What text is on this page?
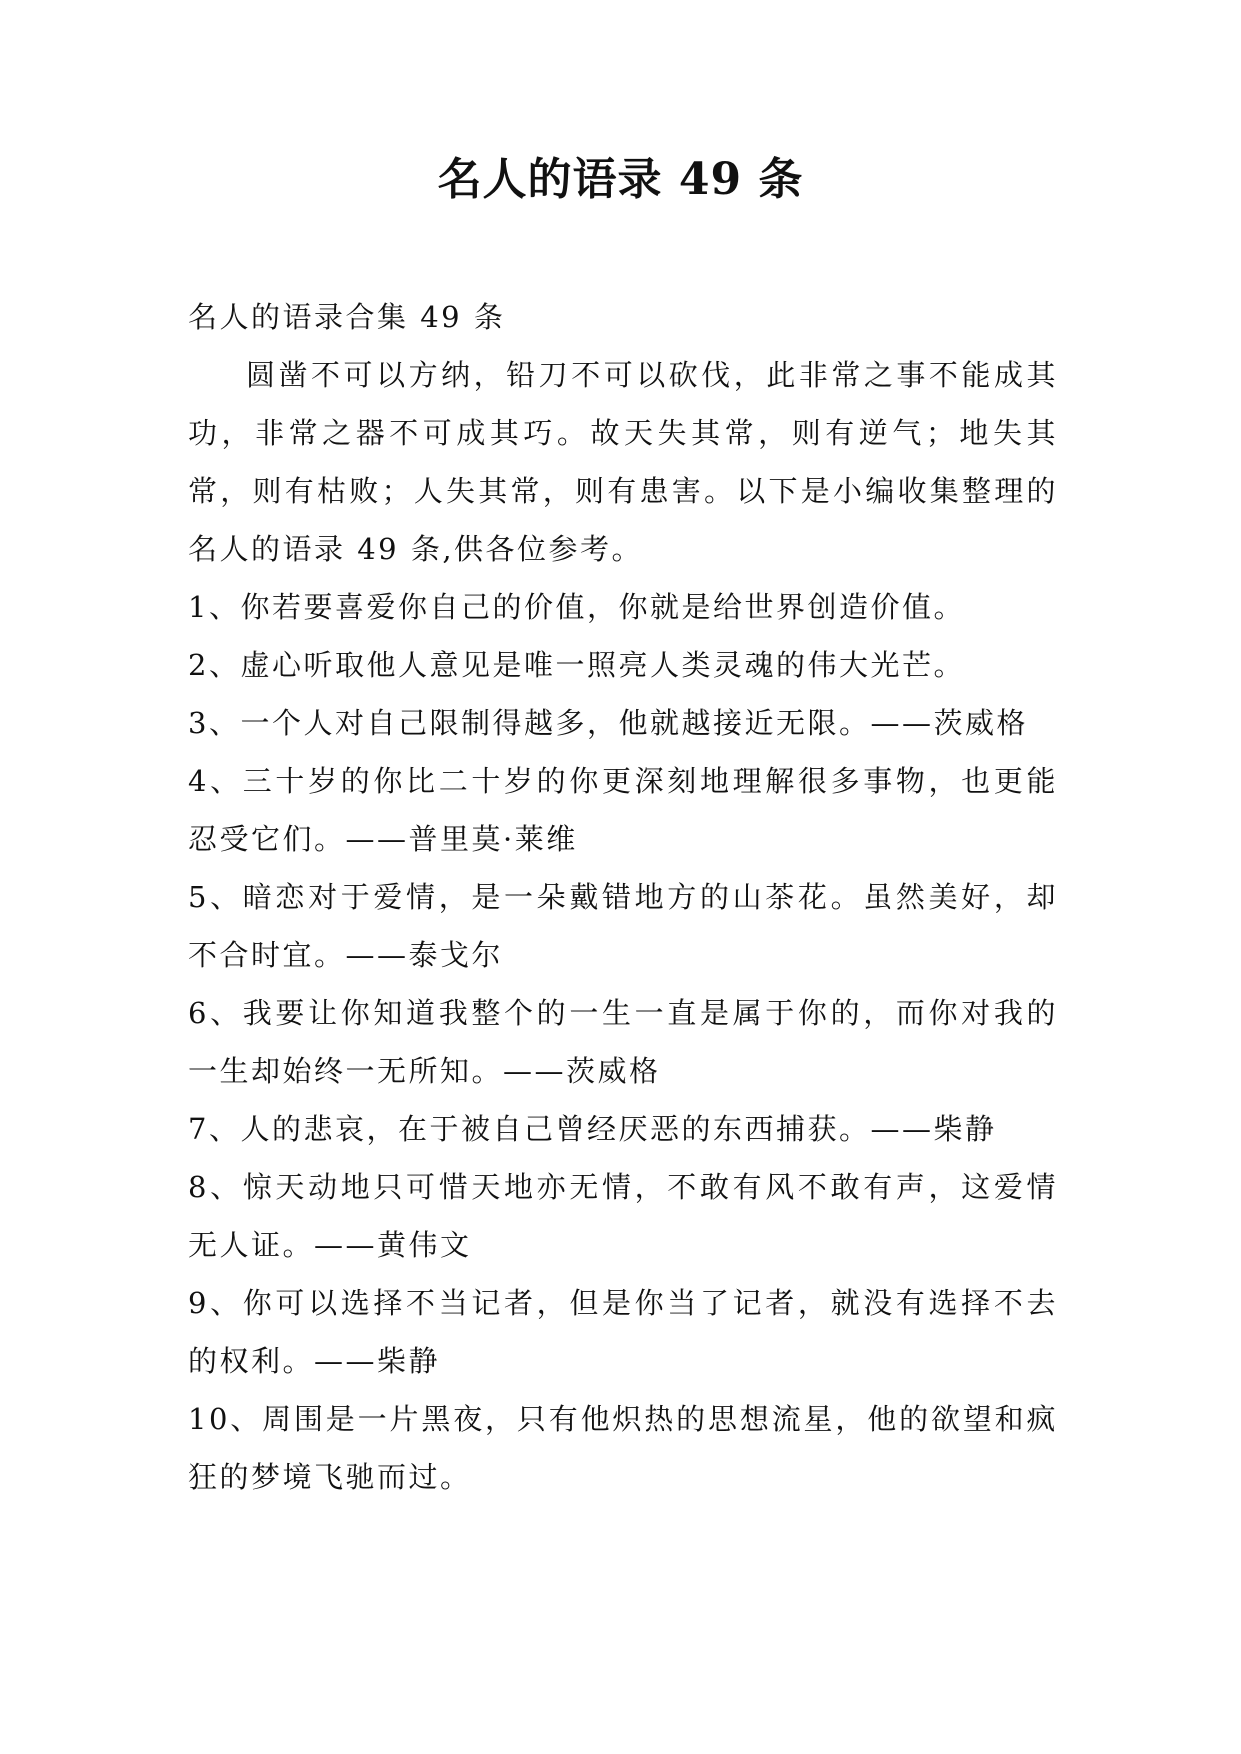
名人的语录 49 条

名人的语录合集 49 条

圆凿不可以方纳，铅刀不可以砍伐，此非常之事不能成其功，非常之器不可成其巧。故天失其常，则有逆气；地失其常，则有枯败；人失其常，则有患害。以下是小编收集整理的名人的语录 49 条,供各位参考。

1、你若要喜爱你自己的价值，你就是给世界创造价值。

2、虚心听取他人意见是唯一照亮人类灵魂的伟大光芒。

3、一个人对自己限制得越多，他就越接近无限。——茨威格

4、三十岁的你比二十岁的你更深刻地理解很多事物，也更能忍受它们。——普里莫·莱维

5、暗恋对于爱情，是一朵戴错地方的山茶花。虽然美好，却不合时宜。——泰戈尔

6、我要让你知道我整个的一生一直是属于你的，而你对我的一生却始终一无所知。——茨威格

7、人的悲哀，在于被自己曾经厌恶的东西捕获。——柴静

8、惊天动地只可惜天地亦无情，不敢有风不敢有声，这爱情无人证。——黄伟文

9、你可以选择不当记者，但是你当了记者，就没有选择不去的权利。——柴静

10、周围是一片黑夜，只有他炽热的思想流星，他的欲望和疯狂的梦境飞驰而过。
